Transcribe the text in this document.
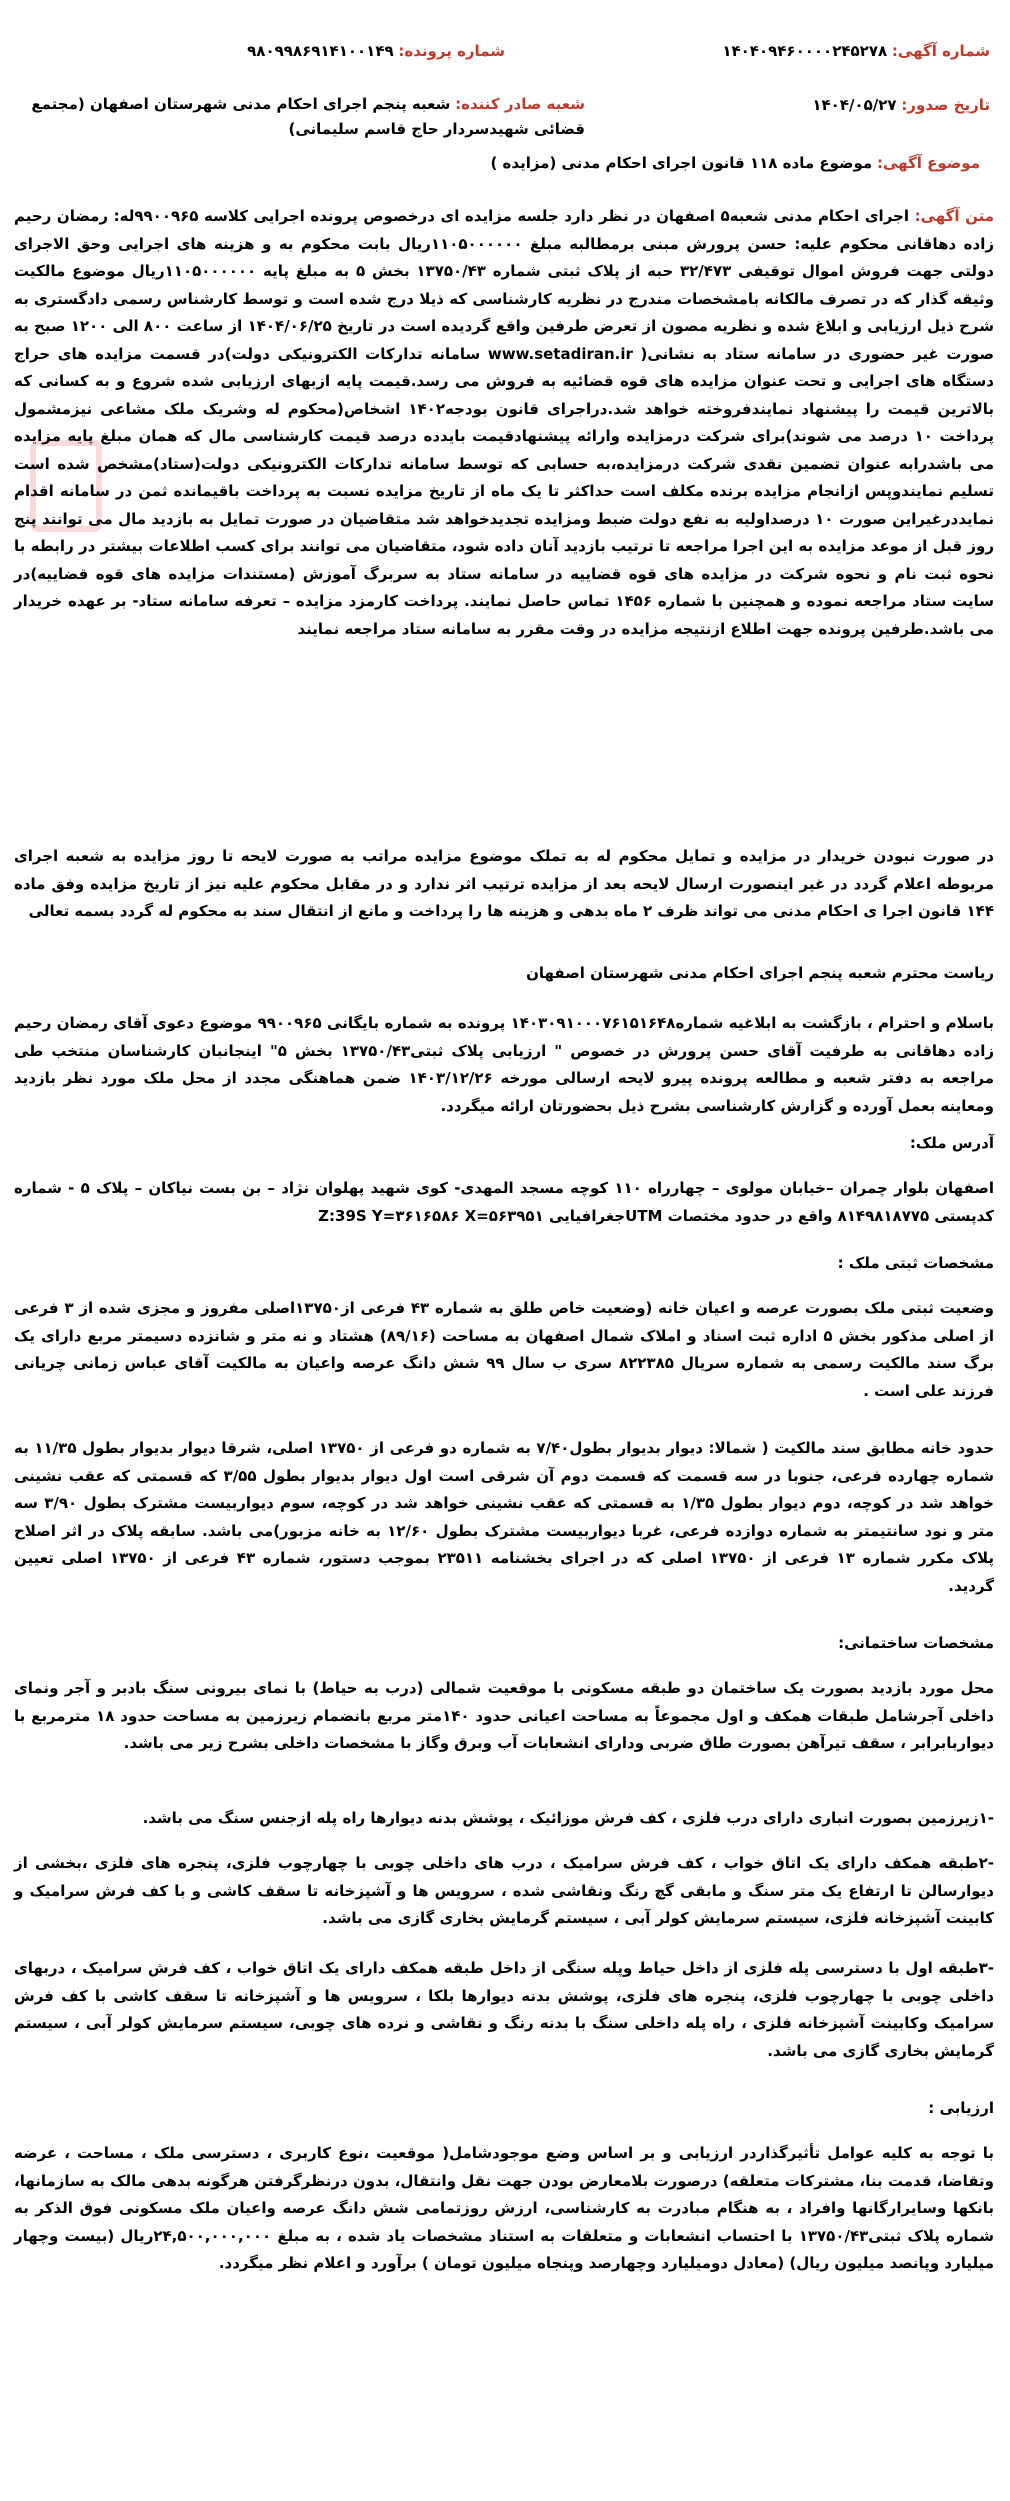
شماره آگهی: ۱۴۰۴۰۹۴۶۰۰۰۰۲۴۵۲۷۸
شماره پرونده: ۹۸۰۹۹۸۶۹۱۴۱۰۰۱۴۹
تاریخ صدور: ۱۴۰۴/۰۵/۲۷
شعبه صادر کننده: شعبه پنجم اجرای احکام مدنی شهرستان اصفهان (مجتمع قضائی شهیدسردار حاج قاسم سلیمانی)
موضوع آگهی: موضوع ماده ۱۱۸ قانون اجرای احکام مدنی (مزایده )
متن آگهی: اجرای احکام مدنی شعبه۵ اصفهان در نظر دارد جلسه مزایده ای درخصوص پرونده اجرایی کلاسه ۹۹۰۰۹۶۵له: رمضان رحیم زاده دهاقانی محکوم علیه: حسن پرورش مبنی برمطالبه مبلغ ۱۱۰۵۰۰۰۰۰۰ریال بابت محکوم به و هزینه های اجرایی وحق الاجرای دولتی جهت فروش اموال توقیفی ۳۲/۴۷۳ حبه از پلاک ثبتی شماره ۱۳۷۵۰/۴۳ بخش ۵ به مبلغ پایه ۱۱۰۵۰۰۰۰۰۰ریال موضوع مالکیت وثیقه گذار که در تصرف مالکانه بامشخصات مندرج در نظریه کارشناسی که ذیلا درج شده است و توسط کارشناس رسمی دادگستری به شرح ذیل ارزیابی و ابلاغ شده و نظریه مصون از تعرض طرفین واقع گردیده است در تاریخ ۱۴۰۴/۰۶/۲۵ از ساعت ۸۰۰ الی ۱۲۰۰ صبح به صورت غیر حضوری در سامانه ستاد به نشانی( www.setadiran.ir سامانه تدارکات الکترونیکی دولت)در قسمت مزایده های حراج دستگاه های اجرایی و تحت عنوان مزایده های قوه قضائیه به فروش می رسد.قیمت پایه ازبهای ارزیابی شده شروع و به کسانی که بالاترین قیمت را پیشنهاد نمایندفروخته خواهد شد.دراجرای قانون بودجه۱۴۰۲ اشخاص(محکوم له وشریک ملک مشاعی نیزمشمول پرداخت ۱۰ درصد می شوند)برای شرکت درمزایده وارائه پیشنهادقیمت بایدده درصد قیمت کارشناسی مال که همان مبلغ پایه مزایده می باشدرابه عنوان تضمین نقدی شرکت درمزایده،به حسابی که توسط سامانه تدارکات الکترونیکی دولت(ستاد)مشخص شده است تسلیم نمایندوپس ازانجام مزایده برنده مکلف است حداکثر تا یک ماه از تاریخ مزایده نسبت به پرداخت باقیمانده ثمن در سامانه اقدام نمایددرغیراین صورت ۱۰ درصداولیه به نفع دولت ضبط ومزایده تجدیدخواهد شد متقاضیان در صورت تمایل به بازدید مال می توانند پنج روز قبل از موعد مزایده به این اجرا مراجعه تا ترتیب بازدید آنان داده شود، متقاضیان می توانند برای کسب اطلاعات بیشتر در رابطه با نحوه ثبت نام و نحوه شرکت در مزایده های قوه قضاییه در سامانه ستاد به سربرگ آموزش (مستندات مزایده های قوه قضاییه)در سایت ستاد مراجعه نموده و همچنین با شماره ۱۴۵۶ تماس حاصل نمایند. پرداخت کارمزد مزایده – تعرفه سامانه ستاد- بر عهده خریدار می باشد.طرفین پرونده جهت اطلاع ازنتیجه مزایده در وقت مقرر به سامانه ستاد مراجعه نمایند
در صورت نبودن خریدار در مزایده و تمایل محکوم له به تملک موضوع مزایده مراتب به صورت لایحه تا روز مزایده به شعبه اجرای مربوطه اعلام گردد در غیر اینصورت ارسال لایحه بعد از مزایده ترتیب اثر ندارد و در مقابل محکوم علیه نیز از تاریخ مزایده وفق ماده ۱۴۴ قانون اجرا ی احکام مدنی می تواند ظرف ۲ ماه بدهی و هزینه ها را پرداخت و مانع از انتقال سند به محکوم له گردد بسمه تعالی
ریاست محترم شعبه پنجم اجرای احکام مدنی شهرستان اصفهان
باسلام و احترام ، بازگشت به ابلاغیه شماره۱۴۰۳۰۹۱۰۰۰۷۶۱۵۱۶۴۸ پرونده به شماره بایگانی ۹۹۰۰۹۶۵ موضوع دعوی آقای رمضان رحیم زاده دهاقانی به طرفیت آقای حسن پرورش در خصوص " ارزیابی پلاک ثبتی۱۳۷۵۰/۴۳ بخش ۵" اینجانبان کارشناسان منتخب طی مراجعه به دفتر شعبه و مطالعه پرونده پیرو لایحه ارسالی مورخه ۱۴۰۳/۱۲/۲۶ ضمن هماهنگی مجدد از محل ملک مورد نظر بازدید ومعاینه بعمل آورده و گزارش کارشناسی بشرح ذیل بحضورتان ارائه میگردد.
آدرس ملک:
اصفهان بلوار چمران –خیابان مولوی – چهارراه ۱۱۰ کوچه مسجد المهدی- کوی شهید پهلوان نژاد – بن بست نیاکان – پلاک ۵ - شماره کدپستی ۸۱۴۹۸۱۸۷۷۵ واقع در حدود مختصات UTMجغرافیایی Z:39S Y=۳۶۱۶۵۸۶ X=۵۶۳۹۵۱
مشخصات ثبتی ملک :
وضعیت ثبتی ملک بصورت عرصه و اعیان خانه (وضعیت خاص طلق به شماره ۴۳ فرعی از۱۳۷۵۰اصلی مفروز و مجزی شده از ۳ فرعی از اصلی مذکور بخش ۵ اداره ثبت اسناد و املاک شمال اصفهان به مساحت (۸۹/۱۶) هشتاد و نه متر و شانزده دسیمتر مربع دارای یک برگ سند مالکیت رسمی به شماره سریال ۸۲۲۳۸۵ سری ب سال ۹۹ شش دانگ عرصه واعیان به مالکیت آقای عباس زمانی چریانی فرزند علی است .
حدود خانه مطابق سند مالکیت ( شمالا: دیوار بدیوار بطول۷/۴۰ به شماره دو فرعی از ۱۳۷۵۰ اصلی، شرقا دیوار بدیوار بطول ۱۱/۳۵ به شماره چهارده فرعی، جنوبا در سه قسمت که قسمت دوم آن شرقی است اول دیوار بدیوار بطول ۳/۵۵ که قسمتی که عقب نشینی خواهد شد در کوچه، دوم دیوار بطول ۱/۳۵ به قسمتی که عقب نشینی خواهد شد در کوچه، سوم دیواربیست مشترک بطول ۳/۹۰ سه متر و نود سانتیمتر به شماره دوازده فرعی، غربا دیواربیست مشترک بطول ۱۲/۶۰ به خانه مزبور)می باشد. سابقه پلاک در اثر اصلاح پلاک مکرر شماره ۱۳ فرعی از ۱۳۷۵۰ اصلی که در اجرای بخشنامه ۲۳۵۱۱ بموجب دستور، شماره ۴۳ فرعی از ۱۳۷۵۰ اصلی تعیین گردید.
مشخصات ساختمانی:
محل مورد بازدید بصورت یک ساختمان دو طبقه مسکونی با موقعیت شمالی (درب به حیاط) با نمای بیرونی سنگ بادبر و آجر ونمای داخلی آجرشامل طبقات همکف و اول مجموعاً به مساحت اعیانی حدود ۱۴۰متر مربع بانضمام زیرزمین به مساحت حدود ۱۸ مترمربع با دیواربابرابر ، سقف تیرآهن بصورت طاق ضربی ودارای انشعابات آب وبرق وگاز با مشخصات داخلی بشرح زیر می باشد.
-۱زیرزمین بصورت انباری دارای درب فلزی ، کف فرش موزائیک ، پوشش بدنه دیوارها راه پله ازجنس سنگ می باشد.
-۲طبقه همکف دارای یک اتاق خواب ، کف فرش سرامیک ، درب های داخلی چوبی با چهارچوب فلزی، پنجره های فلزی ،بخشی از دیوارسالن تا ارتفاع یک متر سنگ و مابقی گچ رنگ ونقاشی شده ، سرویس ها و آشپزخانه تا سقف کاشی و با کف فرش سرامیک و کابینت آشپزخانه فلزی، سیستم سرمایش کولر آبی ، سیستم گرمایش بخاری گازی می باشد.
-۳طبقه اول با دسترسی پله فلزی از داخل حیاط وپله سنگی از داخل طبقه همکف دارای یک اتاق خواب ، کف فرش سرامیک ، دربهای داخلی چوبی با چهارچوب فلزی، پنجره های فلزی، پوشش بدنه دیوارها بلکا ، سرویس ها و آشپزخانه تا سقف کاشی با کف فرش سرامیک وکابینت آشپزخانه فلزی ، راه پله داخلی سنگ با بدنه رنگ و نقاشی و نرده های چوبی، سیستم سرمایش کولر آبی ، سیستم گرمایش بخاری گازی می باشد.
ارزیابی :
با توجه به کلیه عوامل تأثیرگذاردر ارزیابی و بر اساس وضع موجودشامل( موقعیت ،نوع کاربری ، دسترسی ملک ، مساحت ، عرضه وتقاضا، قدمت بنا، مشترکات متعلقه) درصورت بلامعارض بودن جهت نقل وانتقال، بدون درنظرگرفتن هرگونه بدهی مالک به سازمانها، بانکها وسایرارگانها وافراد ، به هنگام مبادرت به کارشناسی، ارزش روزتمامی شش دانگ عرصه واعیان ملک مسکونی فوق الذکر به شماره پلاک ثبتی۱۳۷۵۰/۴۳ با احتساب انشعابات و متعلقات به استناد مشخصات یاد شده ، به مبلغ ۲۴,۵۰۰,۰۰۰,۰۰۰ریال (بیست وچهار میلیارد وپانصد میلیون ریال) (معادل دومیلیارد وچهارصد وپنجاه میلیون تومان ) برآورد و اعلام نظر میگردد.
